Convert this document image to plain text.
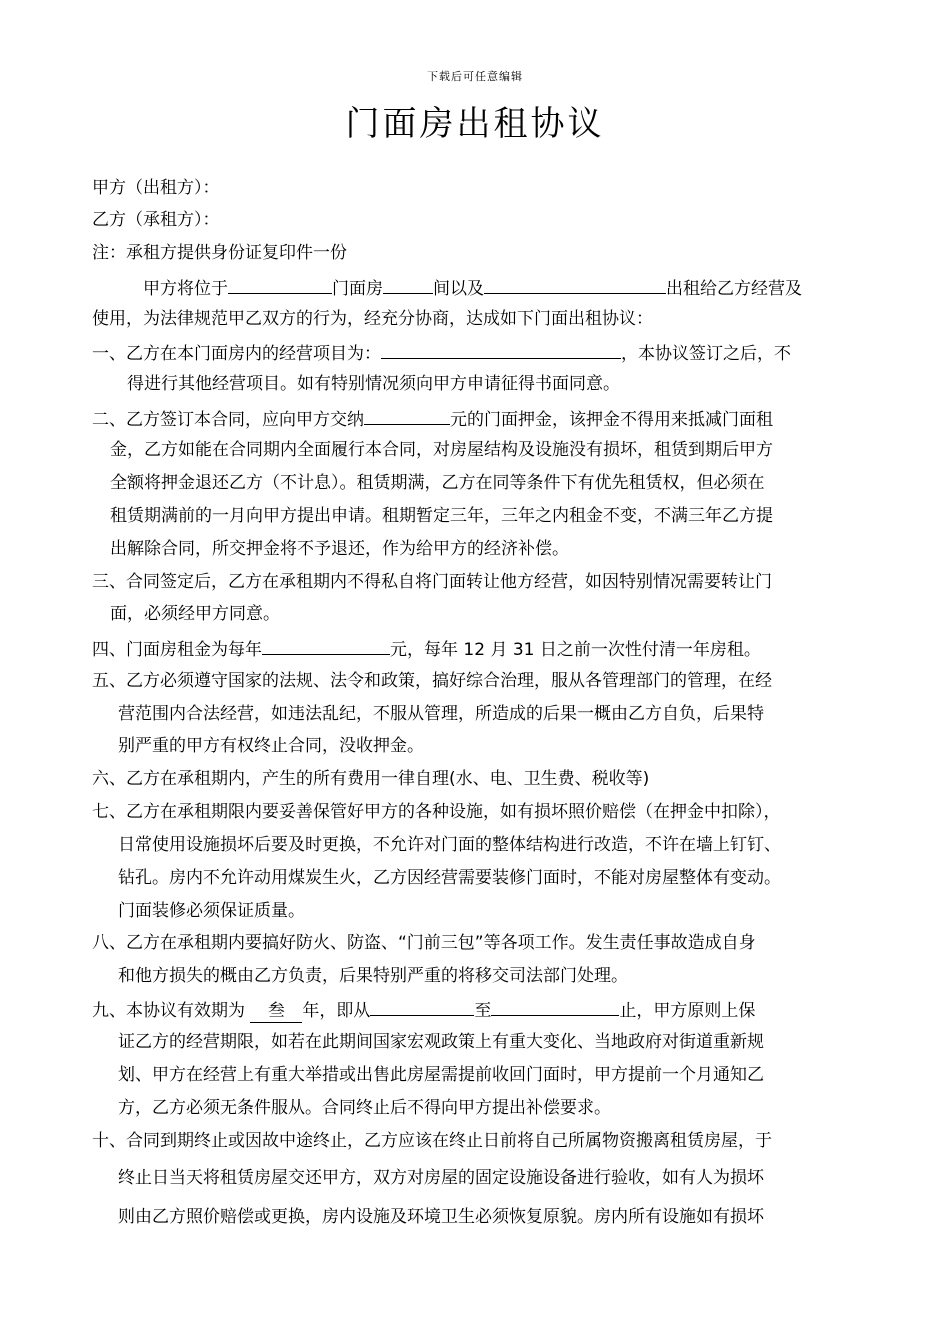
下载后可任意编辑
门面房出租协议
甲方（出租方）：
乙方（承租方）：
注：承租方提供身份证复印件一份
甲方将位于	门面房	间以及	出租给乙方经营及
使用，为法律规范甲乙双方的行为，经充分协商，达成如下门面出租协议：
一、乙方在本门面房内的经营项目为：	，本协议签订之后，不
得进行其他经营项目。如有特别情况须向甲方申请征得书面同意。
二、乙方签订本合同，应向甲方交纳	元的门面押金，该押金不得用来抵减门面租
金，乙方如能在合同期内全面履行本合同，对房屋结构及设施没有损坏，租赁到期后甲方
全额将押金退还乙方（不计息）。租赁期满，乙方在同等条件下有优先租赁权，但必须在
租赁期满前的一月向甲方提出申请。租期暂定三年，三年之内租金不变，不满三年乙方提
出解除合同，所交押金将不予退还，作为给甲方的经济补偿。
三、合同签定后，乙方在承租期内不得私自将门面转让他方经营，如因特别情况需要转让门
面，必须经甲方同意。
四、门面房租金为每年	元，每年 12 月 31 日之前一次性付清一年房租。
五、乙方必须遵守国家的法规、法令和政策，搞好综合治理，服从各管理部门的管理，在经
营范围内合法经营，如违法乱纪，不服从管理，所造成的后果一概由乙方自负，后果特
别严重的甲方有权终止合同，没收押金。
六、乙方在承租期内，产生的所有费用一律自理(水、电、卫生费、税收等)
七、乙方在承租期限内要妥善保管好甲方的各种设施，如有损坏照价赔偿（在押金中扣除），
日常使用设施损坏后要及时更换，不允许对门面的整体结构进行改造，不许在墙上钉钉、
钻孔。房内不允许动用煤炭生火，乙方因经营需要装修门面时，不能对房屋整体有变动。
门面装修必须保证质量。
八、乙方在承租期内要搞好防火、防盗、“门前三包”等各项工作。发生责任事故造成自身
和他方损失的概由乙方负责，后果特别严重的将移交司法部门处理。
九、本协议有效期为 叁 年，即从	至	止，甲方原则上保
证乙方的经营期限，如若在此期间国家宏观政策上有重大变化、当地政府对街道重新规
划、甲方在经营上有重大举措或出售此房屋需提前收回门面时，甲方提前一个月通知乙
方，乙方必须无条件服从。合同终止后不得向甲方提出补偿要求。
十、合同到期终止或因故中途终止，乙方应该在终止日前将自己所属物资搬离租赁房屋，于
终止日当天将租赁房屋交还甲方，双方对房屋的固定设施设备进行验收，如有人为损坏
则由乙方照价赔偿或更换，房内设施及环境卫生必须恢复原貌。房内所有设施如有损坏
